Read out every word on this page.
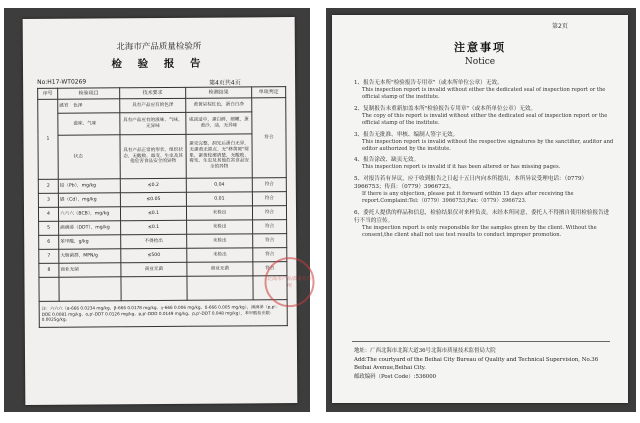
北海市产品质量检验所
检 验 报 告
No:H17-WT0269	第4页共4页
序号	检验项目	技术要求	检测结果	单项判定
1	感官 色泽	具有产品应有的色泽	黄黄呈棕红色，蛋白白净	符合
	滋味、气味	具有产品应有的滋味、气味，无异味	咸淡适中，蛋白鲜，细嫩，蛋黄沙，油，无异味	
	状态	具有产品正常的形状、组织状态，无酸败、霉变、生虫及其他危害食品安全的异物	蛋壳完整，洞光后蛋白无异，无蛋黄无黑点、无"移黄斑"现象，蛋黄轮廓清楚，无酸败、霉变、生虫及其他危害食品安全的异物	
2	铅（Pb），mg/kg	≤0.2	0.04	符合
3	镉（Cd），mg/kg	≤0.05	0.01	符合
4	六六六（BCB），mg/kg	≤0.1	未检出	符合
5	滴滴涕（DDT），mg/kg	≤0.1	未检出	符合
6	苯甲酸，g/kg	不得检出	未检出	符合
7	大肠菌群，MPN/g	≤500	未检出	符合
8	商业无菌	商业无菌	商业无菌	符合

注：六六六（α-666 0.0234 mg/kg、β-666 0.0178 mg/kg、γ-666 0.006 mg/kg、δ-666 0.005 mg/kg），滴滴涕（p,p'-DDE 0.0081 mg/kg、o,p'-DDT 0.0126 mg/kg、p,p'-DDD 0.0149 mg/kg、p,p'-DDT 0.048 mg/kg），苯甲酸检出限：0.0025g/kg。				
北海市产品质量检验所
第2页
注意事项
Notice
1、报告无本所"检验报告专用章"（或本所单位公章）无效。
This inspection report is invalid without either the dedicated seal of inspection report or the official stamp of the institute.
2、复制报告未重新加盖本所"检验报告专用章"（或本所单位公章）无效。
The copy of this report is invalid without either the dedicated seal of inspection report or the official stamp of the institute.
3、报告无批准、审核、编制人签字无效。
This inspection report is invalid without the respective signatures by the sanctifier, auditor and editor authorized by the institute.
4、报告涂改、缺页无效。
This inspection report is invalid if it has been altered or has missing pages.
5、对报告若有异议，应于收到报告之日起十五日内向本所提出，本所异议受理电话：（0779）3966753；传真：（0779）3966723。
If there is any objection, please put it forward within 15 days after receiving the report.Complaint:Tel:（0779）3966753;Fax:（0779）3966723.
6、委托人提供的样品和信息，检验结果仅对来样负责。未经本所同意，委托人不得擅自使用检验报告进行不当的宣传。
The inspection report is only responsible for the samples given by the client. Without the consent,the client shall not use test results to conduct improper promotion.
地址：广西北海市北海大道36号北海市质量技术监督局大院
Add:The courtyard of the Beihai City Bureau of Quality and Technical Supervision, No.36 Beihai Avenue,Beihai City.
邮政编码（Post Code）:536000
